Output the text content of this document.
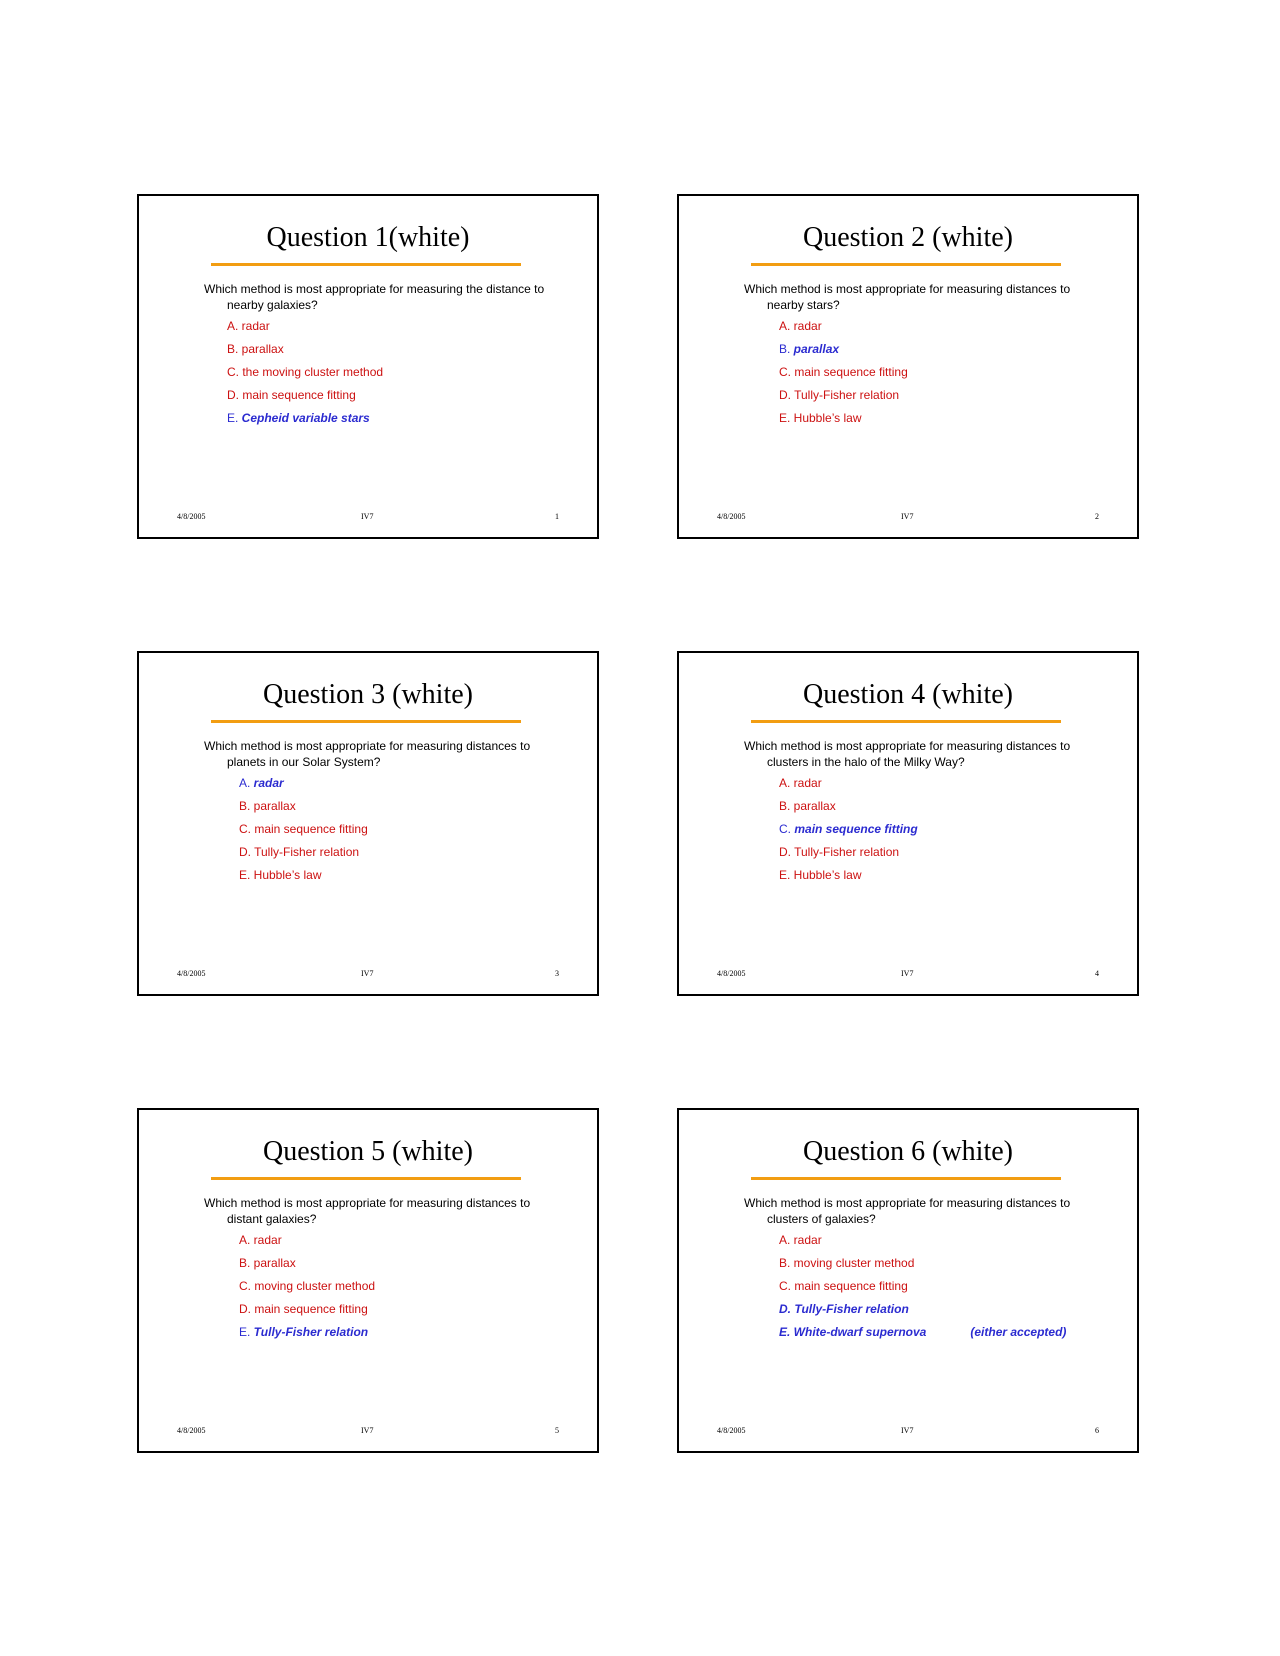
Question 1(white)
Which method is most appropriate for measuring the distance to
nearby galaxies?
A. radar
B. parallax
C. the moving cluster method
D. main sequence fitting
E. Cepheid variable stars
4/8/2005	IV7	1
Question 2 (white)
Which method is most appropriate for measuring distances to
nearby stars?
A. radar
B. parallax
C. main sequence fitting
D. Tully-Fisher relation
E. Hubble’s law
4/8/2005	IV7	2
Question 3 (white)
Which method is most appropriate for measuring distances to
planets in our Solar System?
A. radar
B. parallax
C. main sequence fitting
D. Tully-Fisher relation
E. Hubble’s law
4/8/2005	IV7	3
Question 4 (white)
Which method is most appropriate for measuring distances to
clusters in the halo of the Milky Way?
A. radar
B. parallax
C. main sequence fitting
D. Tully-Fisher relation
E. Hubble’s law
4/8/2005	IV7	4
Question 5 (white)
Which method is most appropriate for measuring distances to
distant galaxies?
A. radar
B. parallax
C. moving cluster method
D. main sequence fitting
E. Tully-Fisher relation
4/8/2005	IV7	5
Question 6 (white)
Which method is most appropriate for measuring distances to
clusters of galaxies?
A. radar
B. moving cluster method
C. main sequence fitting
D. Tully-Fisher relation
E. White-dwarf supernova	(either accepted)
4/8/2005	IV7	6
